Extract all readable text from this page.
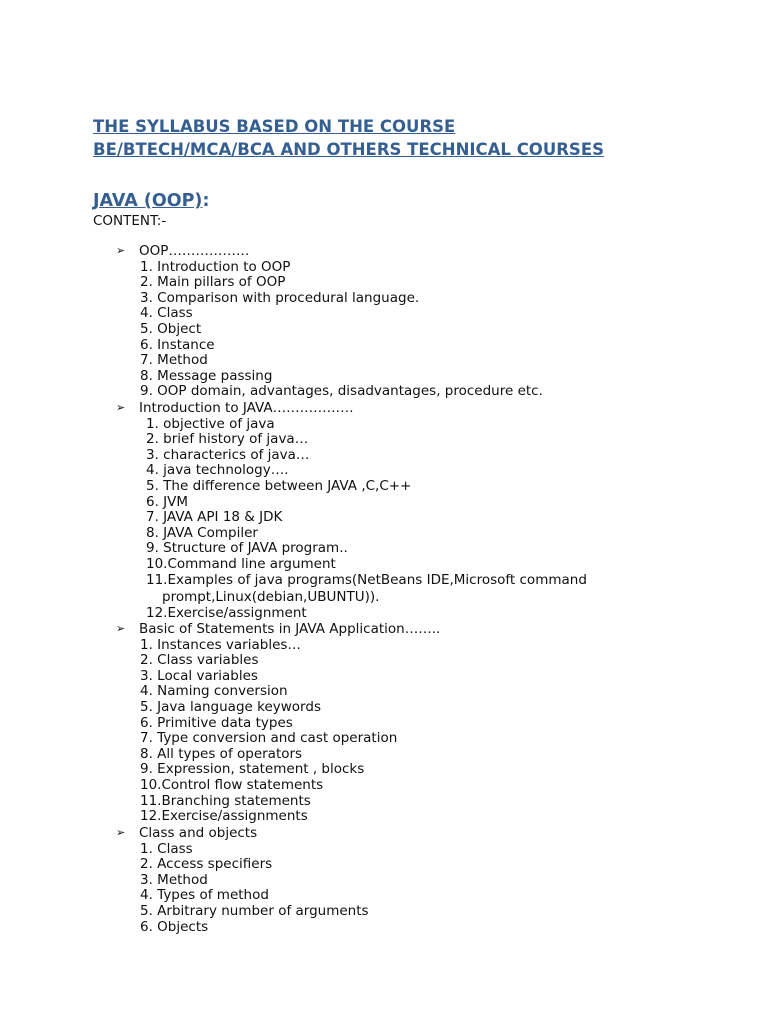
THE SYLLABUS BASED ON THE COURSE
BE/BTECH/MCA/BCA AND OTHERS TECHNICAL COURSES
JAVA (OOP):
CONTENT:-
➢ OOP………………
1. Introduction to OOP
2. Main pillars of OOP
3. Comparison with procedural language.
4. Class
5. Object
6. Instance
7. Method
8. Message passing
9. OOP domain, advantages, disadvantages, procedure etc.
➢ Introduction to JAVA………………
1. objective of java
2. brief history of java…
3. characterics of java…
4. java technology….
5. The difference between JAVA ,C,C++
6. JVM
7. JAVA API 18 & JDK
8. JAVA Compiler
9. Structure of JAVA program..
10.Command line argument
11.Examples of java programs(NetBeans IDE,Microsoft command
prompt,Linux(debian,UBUNTU)).
12.Exercise/assignment
➢ Basic of Statements in JAVA Application……..
1. Instances variables…
2. Class variables
3. Local variables
4. Naming conversion
5. Java language keywords
6. Primitive data types
7. Type conversion and cast operation
8. All types of operators
9. Expression, statement , blocks
10.Control flow statements
11.Branching statements
12.Exercise/assignments
➢ Class and objects
1. Class
2. Access specifiers
3. Method
4. Types of method
5. Arbitrary number of arguments
6. Objects
